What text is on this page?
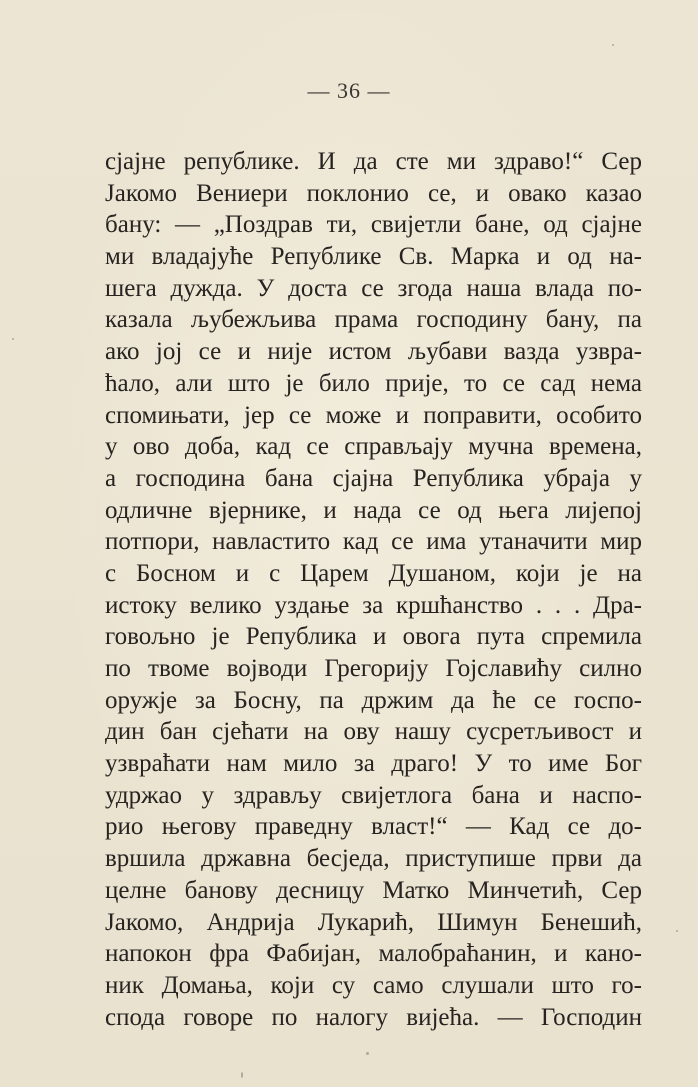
— 36 —
сјајне републике. И да сте ми здраво!“ Сер
Јакомо Вениери поклонио се, и овако казао
бану: — „Поздрав ти, свијетли бане, од сјајне
ми владајуће Републике Св. Марка и од на-
шега дужда. У доста се згода наша влада по-
казала љубежљива прама господину бану, па
ако јој се и није истом љубави вазда узвра-
ћало, али што је било прије, то се сад нема
спомињати, јер се може и поправити, особито
у ово доба, кад се справљају мучна времена,
а господина бана сјајна Република убраја у
одличне вјернике, и нада се од њега лијепој
потпори, навластито кад се има утаначити мир
с Босном и с Царем Душаном, који је на
истоку велико уздање за кршћанство . . . Дра-
говољно је Република и овога пута спремила
по твоме војводи Грегорију Гојславићу силно
оружје за Босну, па држим да ће се госпо-
дин бан сјећати на ову нашу сусретљивост и
узвраћати нам мило за драго! У то име Бог
удржао у здрављу свијетлога бана и наспо-
рио његову праведну власт!“ — Кад се до-
вршила државна бесједа, приступише први да
целне банову десницу Матко Минчетић, Сер
Јакомо, Андрија Лукарић, Шимун Бенешић,
напокон фра Фабијан, малобраћанин, и кано-
ник Домања, који су само слушали што го-
спода говоре по налогу вијећа. — Господин
